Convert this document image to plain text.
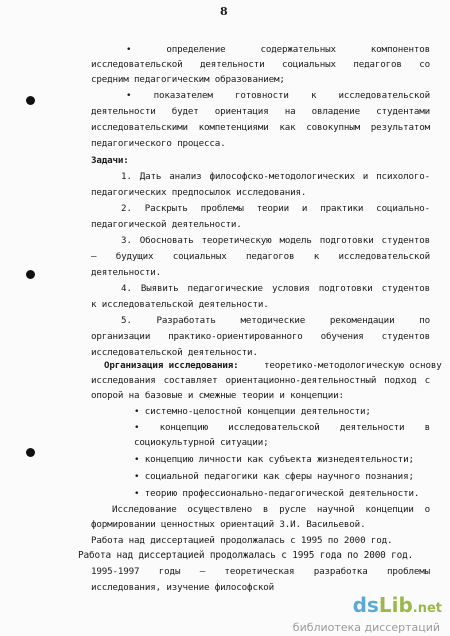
8
• определение содержательных компонентов
исследовательской деятельности социальных педагогов со
средним педагогическим образованием;
• показателем готовности к исследовательской
деятельности будет ориентация на овладение студентами
исследовательскими компетенциями как совокупным результатом
педагогического процесса.
Задачи:
1. Дать анализ философско-методологических и психолого-
педагогических предпосылок исследования.
2. Раскрыть проблемы теории и практики социально-
педагогической деятельности.
3. Обосновать теоретическую модель подготовки студентов
– будущих социальных педагогов к исследовательской
деятельности.
4. Выявить педагогические условия подготовки студентов
к исследовательской деятельности.
5. Разработать методические рекомендации по
организации практико-ориентированного обучения студентов
исследовательской деятельности.
Организация исследования:	теоретико-методологическую основу
исследования составляет ориентационно-деятельностный подход с
опорой на базовые и смежные теории и концепции:
• системно-целостной концепции деятельности;
• концепцию исследовательской деятельности в
социокультурной ситуации;
• концепцию личности как субъекта жизнедеятельности;
• социальной педагогики как сферы научного познания;
• теорию профессионально-педагогической деятельности.
Исследование осуществлено в русле научной концепции о
формировании ценностных ориентаций З.И. Васильевой.
Работа над диссертацией продолжалась с 1995 по 2000 год.
Работа над диссертацией продолжалась с 1995 года по 2000 год.
1995-1997 годы – теоретическая разработка проблемы
исследования, изучение философской
ds Lib .net
библиотека диссертаций
